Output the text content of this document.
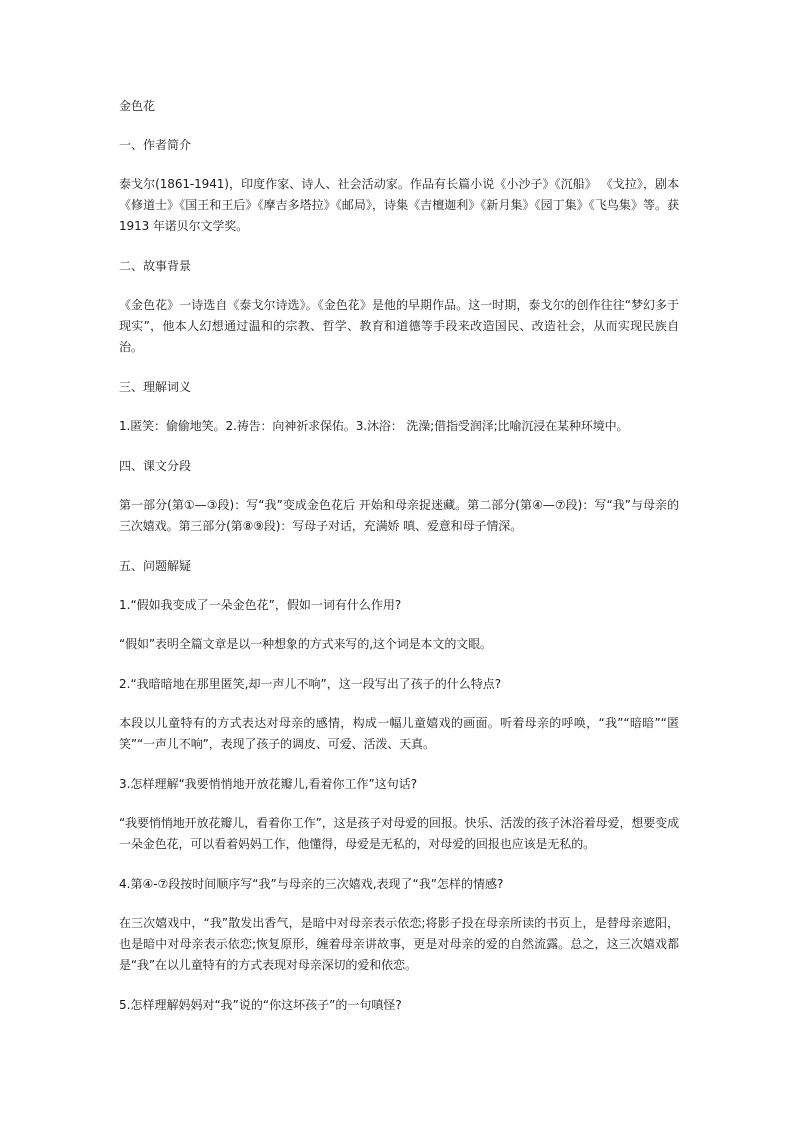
金色花

一、作者简介

泰戈尔(1861-1941)，印度作家、诗人、社会活动家。作品有长篇小说《小沙子》《沉船》 《戈拉》，剧本《修道士》《国王和王后》《摩吉多塔拉》《邮局》，诗集《吉檀迦利》《新月集》《园丁集》《飞鸟集》等。获 1913 年诺贝尔文学奖。

二、故事背景

《金色花》一诗选自《泰戈尔诗选》。《金色花》是他的早期作品。这一时期，泰戈尔的创作往往“梦幻多于现实”，他本人幻想通过温和的宗教、哲学、教育和道德等手段来改造国民、改造社会，从而实现民族自治。

三、理解词义

1.匿笑：偷偷地笑。2.祷告：向神祈求保佑。3.沐浴： 洗澡;借指受润泽;比喻沉浸在某种环境中。

四、课文分段

第一部分(第①—③段)：写“我”变成金色花后 开始和母亲捉迷藏。第二部分(第④—⑦段)：写“我”与母亲的三次嬉戏。第三部分(第⑧⑨段)：写母子对话，充满娇 嗔、爱意和母子情深。

五、问题解疑

1.“假如我变成了一朵金色花”，假如一词有什么作用?

“假如”表明全篇文章是以一种想象的方式来写的,这个词是本文的文眼。

2.“我暗暗地在那里匿笑,却一声儿不响”，这一段写出了孩子的什么特点?

本段以儿童特有的方式表达对母亲的感情，构成一幅儿童嬉戏的画面。听着母亲的呼唤，“我”“暗暗”“匿笑”“一声儿不响”，表现了孩子的调皮、可爱、活泼、天真。

3.怎样理解“我要悄悄地开放花瓣儿,看着你工作”这句话?

“我要悄悄地开放花瓣儿，看着你工作”，这是孩子对母爱的回报。快乐、活泼的孩子沐浴着母爱，想要变成一朵金色花，可以看着妈妈工作，他懂得，母爱是无私的，对母爱的回报也应该是无私的。

4.第④-⑦段按时间顺序写“我”与母亲的三次嬉戏,表现了“我”怎样的情感?

在三次嬉戏中，“我”散发出香气，是暗中对母亲表示依恋;将影子投在母亲所读的书页上，是替母亲遮阳，也是暗中对母亲表示依恋;恢复原形，缠着母亲讲故事，更是对母亲的爱的自然流露。总之，这三次嬉戏都是“我”在以儿童特有的方式表现对母亲深切的爱和依恋。

5.怎样理解妈妈对“我”说的“你这坏孩子”的一句嗔怪?
